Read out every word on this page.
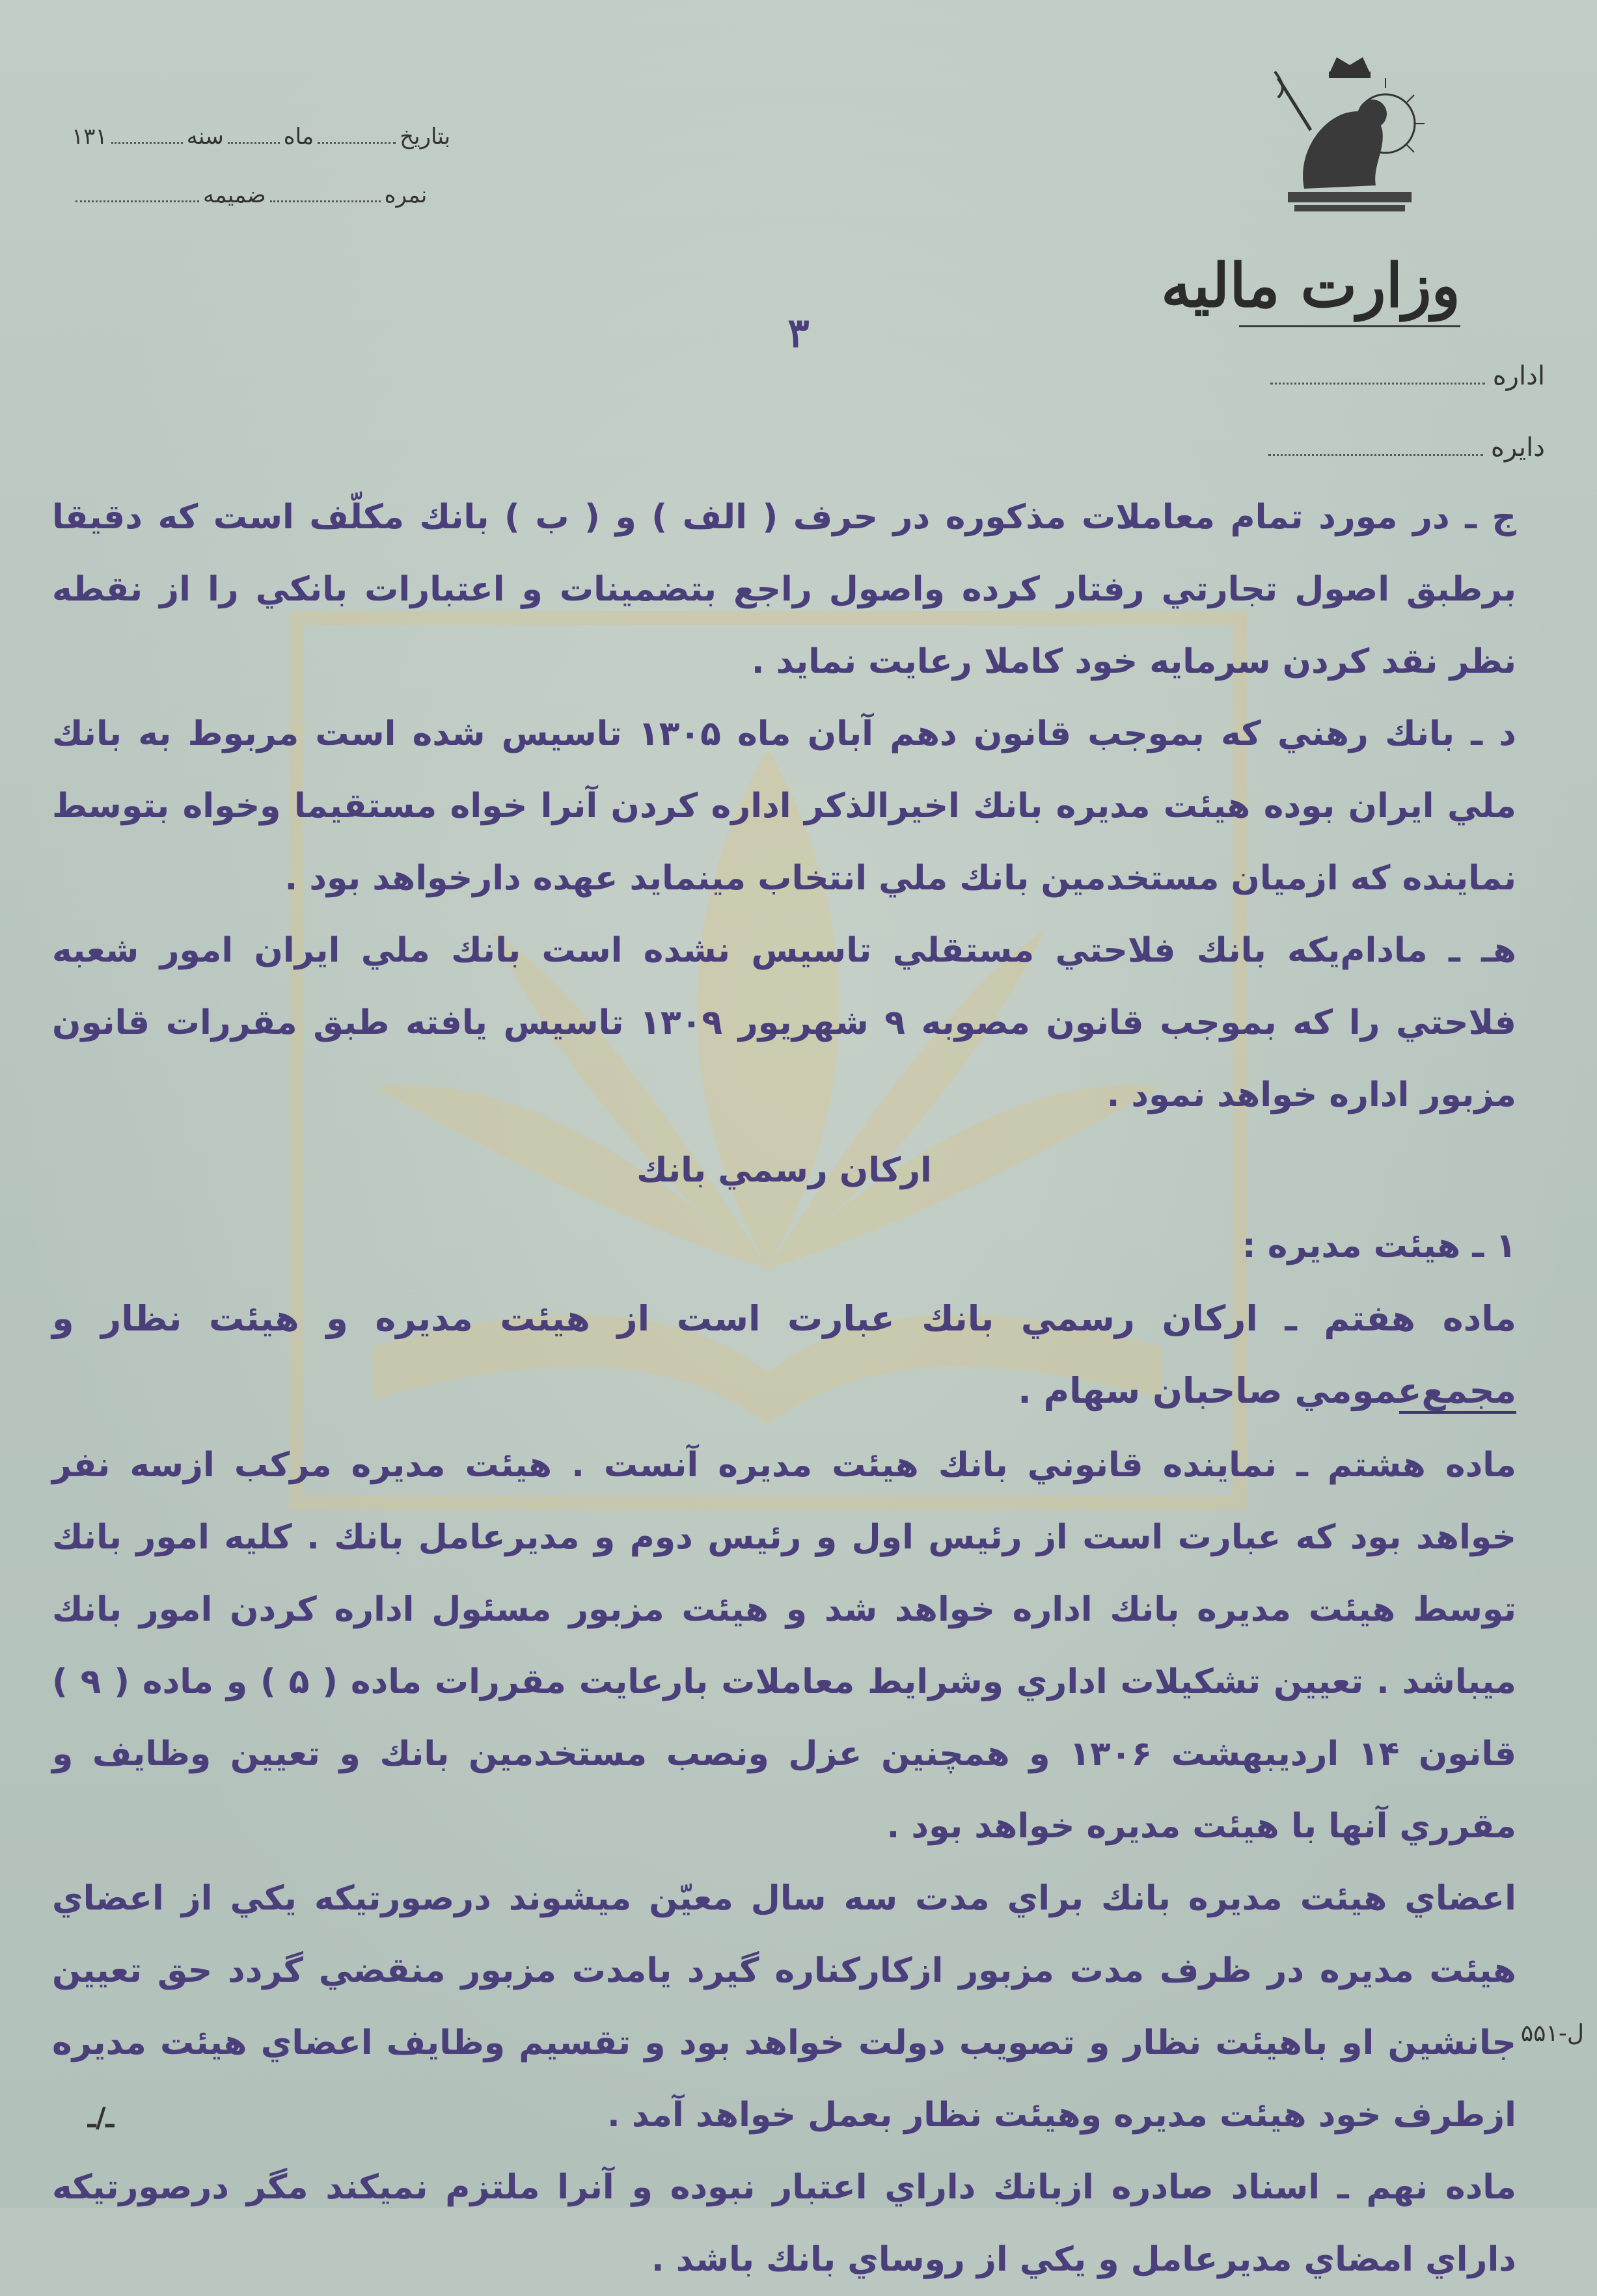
وزارت ماليه
اداره
دايره
بتاريخماهسنه۱۳۱
نمرهضميمه
۳

ج ـ در مورد تمام معاملات مذكوره در حرف ( الف ) و ( ب ) بانك مكلّف است كه دقيقا برطبق اصول تجارتي رفتار كرده واصول راجع بتضمينات و اعتبارات بانكي را از نقطه‌ نظر نقد كردن سرمايه‌ خود كاملا رعايت نمايد .

د ـ بانك رهني كه بموجب قانون دهم آبان ماه ۱۳۰۵ تاسيس شده است مربوط به بانك ملي ايران بوده هيئت مديره‌ بانك اخيرالذكر اداره كردن آنرا خواه مستقيما وخواه بتوسط نماينده‌ كه ازميان مستخدمين بانك ملي انتخاب مينمايد عهده دارخواهد بود .

هـ ـ مادام‌يكه بانك فلاحتي مستقلي تاسيس نشده است بانك ملي ايران امور شعبه فلاحتي را كه بموجب قانون مصوبه ۹ شهريور ۱۳۰۹ تاسيس يافته طبق مقررات قانون مزبور اداره خواهد نمود .

اركان رسمي بانك

۱ ـ هيئت مديره‌ :

ماده‌ هفتم ـ اركان رسمي بانك عبارت است از هيئت مديره و هيئت نظار و مجمع‌عمومي صاحبان سهام .

ماده‌ هشتم ـ نماينده‌ قانوني بانك هيئت مديره‌ آنست . هيئت مديره‌ مركب ازسه نفر خواهد بود كه عبارت است از رئيس اول و رئيس دوم و مديرعامل بانك . كليه امور بانك توسط هيئت مديره‌ بانك اداره خواهد شد و هيئت مزبور مسئول اداره كردن امور بانك ميباشد . تعيين تشكيلات اداري وشرايط معاملات بارعايت مقررات ماده‌ ( ۵ ) و ماده‌ ( ۹ ) قانون ۱۴ ارديبهشت ۱۳۰۶ و همچنين عزل ونصب مستخدمين بانك و تعيين وظايف و مقرري آنها با هيئت مديره‌ خواهد بود .

اعضاي هيئت مديره بانك براي مدت سه سال معيّن ميشوند درصورتيكه يكي از اعضاي هيئت مديره‌ در ظرف مدت مزبور ازكاركناره گيرد يامدت مزبور منقضي گردد حق تعيين جانشين او باهيئت نظار و تصويب دولت خواهد بود و تقسيم وظايف اعضاي هيئت مديره‌ ازطرف خود هيئت مديره وهيئت نظار بعمل خواهد آمد .

ماده‌ نهم ـ اسناد صادره ازبانك داراي اعتبار نبوده و آنرا ملتزم نميكند مگر درصورتيكه داراي امضاي مديرعامل و يكي از روساي بانك باشد .

ل-۵۵۱
ـ/ـ
